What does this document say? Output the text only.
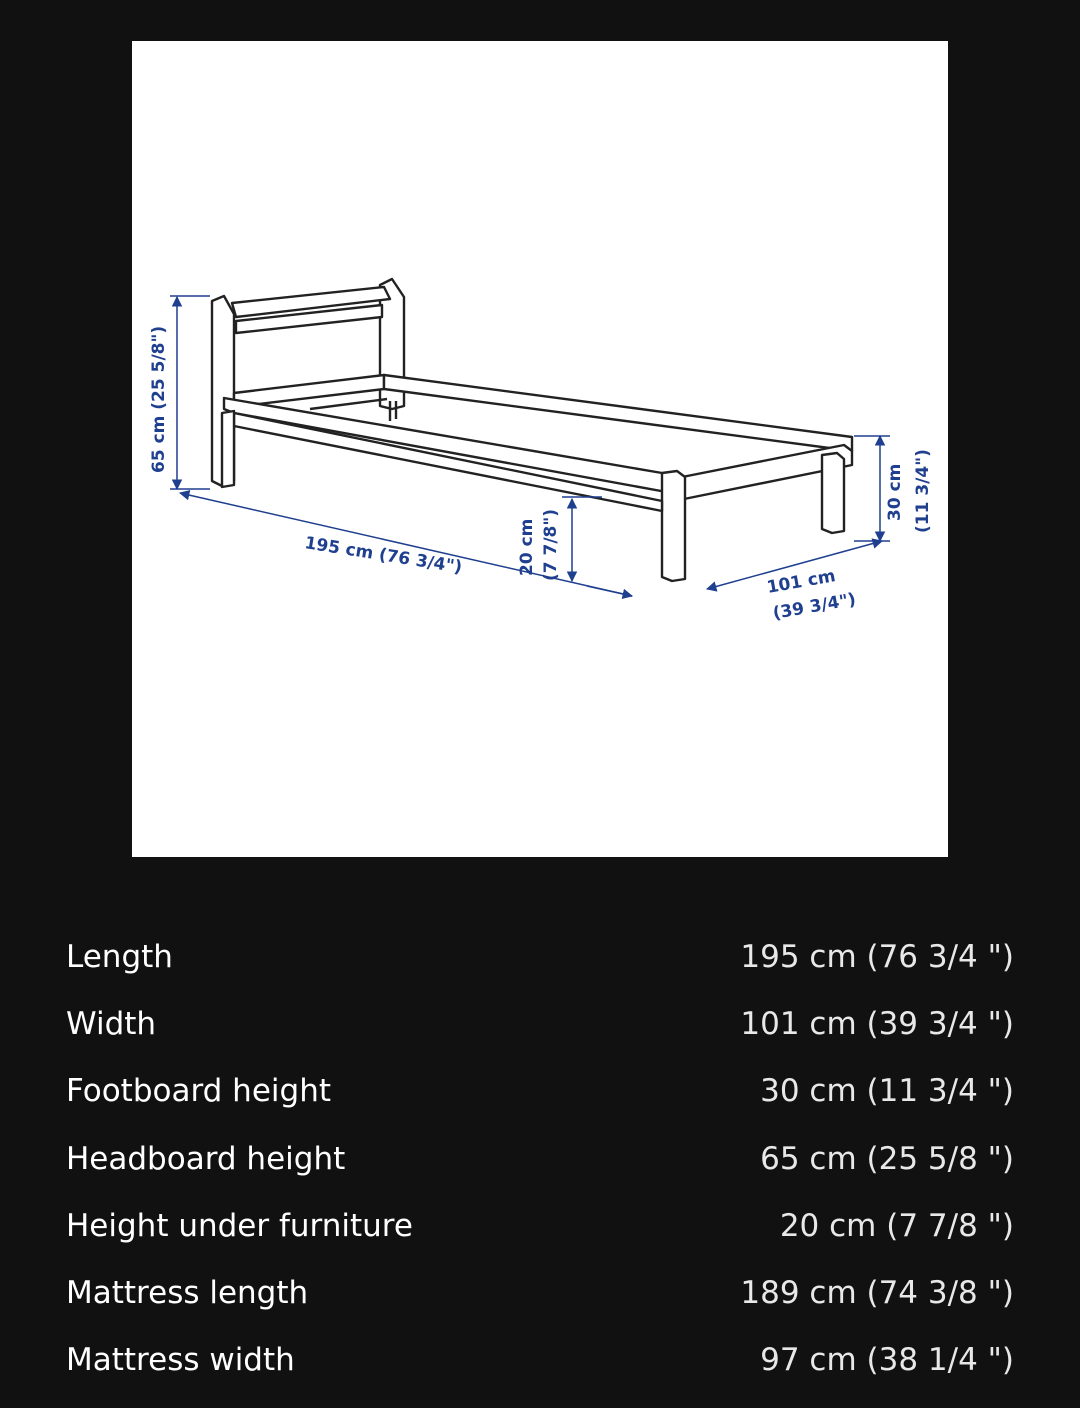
65 cm (25 5/8")
195 cm (76 3/4")	20 cm (7 7/8")
30 cm (11 3/4")
101 cm
(39 3/4")
Length	195 cm (76 3/4 ")
Width	101 cm (39 3/4 ")
Footboard height	30 cm (11 3/4 ")
Headboard height	65 cm (25 5/8 ")
Height under furniture	20 cm (7 7/8 ")
Mattress length	189 cm (74 3/8 ")
Mattress width	97 cm (38 1/4 ")
